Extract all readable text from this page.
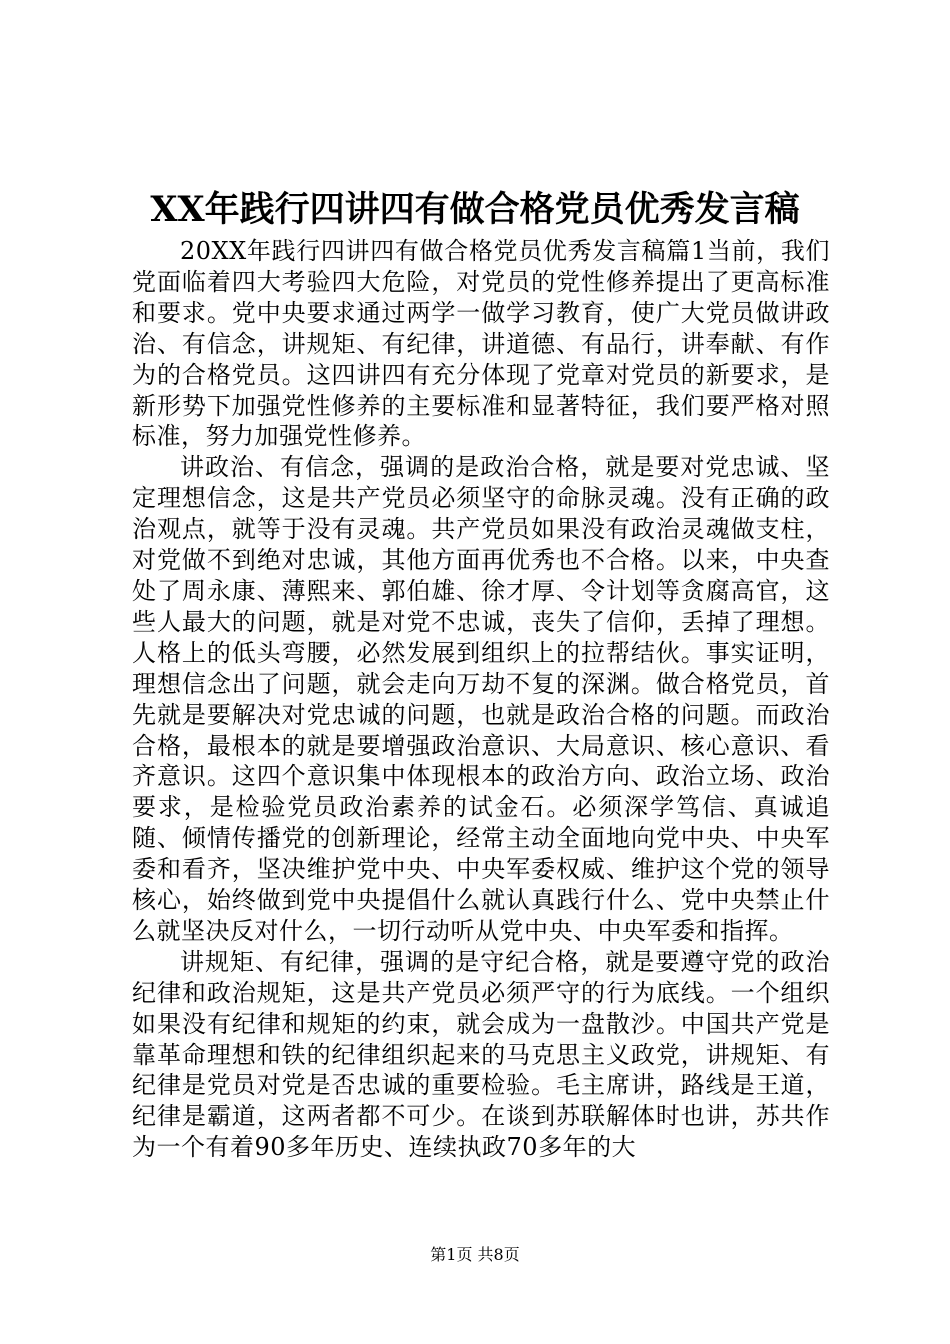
XX年践行四讲四有做合格党员优秀发言稿

20XX年践行四讲四有做合格党员优秀发言稿篇1当前，我们党面临着四大考验四大危险，对党员的党性修养提出了更高标准和要求。党中央要求通过两学一做学习教育，使广大党员做讲政治、有信念，讲规矩、有纪律，讲道德、有品行，讲奉献、有作为的合格党员。这四讲四有充分体现了党章对党员的新要求，是新形势下加强党性修养的主要标准和显著特征，我们要严格对照标准，努力加强党性修养。

讲政治、有信念，强调的是政治合格，就是要对党忠诚、坚定理想信念，这是共产党员必须坚守的命脉灵魂。没有正确的政治观点，就等于没有灵魂。共产党员如果没有政治灵魂做支柱，对党做不到绝对忠诚，其他方面再优秀也不合格。以来，中央查处了周永康、薄熙来、郭伯雄、徐才厚、令计划等贪腐高官，这些人最大的问题，就是对党不忠诚，丧失了信仰，丢掉了理想。人格上的低头弯腰，必然发展到组织上的拉帮结伙。事实证明，理想信念出了问题，就会走向万劫不复的深渊。做合格党员，首先就是要解决对党忠诚的问题，也就是政治合格的问题。而政治合格，最根本的就是要增强政治意识、大局意识、核心意识、看齐意识。这四个意识集中体现根本的政治方向、政治立场、政治要求，是检验党员政治素养的试金石。必须深学笃信、真诚追随、倾情传播党的创新理论，经常主动全面地向党中央、中央军委和看齐，坚决维护党中央、中央军委权威、维护这个党的领导核心，始终做到党中央提倡什么就认真践行什么、党中央禁止什么就坚决反对什么，一切行动听从党中央、中央军委和指挥。

讲规矩、有纪律，强调的是守纪合格，就是要遵守党的政治纪律和政治规矩，这是共产党员必须严守的行为底线。一个组织如果没有纪律和规矩的约束，就会成为一盘散沙。中国共产党是靠革命理想和铁的纪律组织起来的马克思主义政党，讲规矩、有纪律是党员对党是否忠诚的重要检验。毛主席讲，路线是王道，纪律是霸道，这两者都不可少。在谈到苏联解体时也讲，苏共作为一个有着90多年历史、连续执政70多年的大

第1页 共8页
